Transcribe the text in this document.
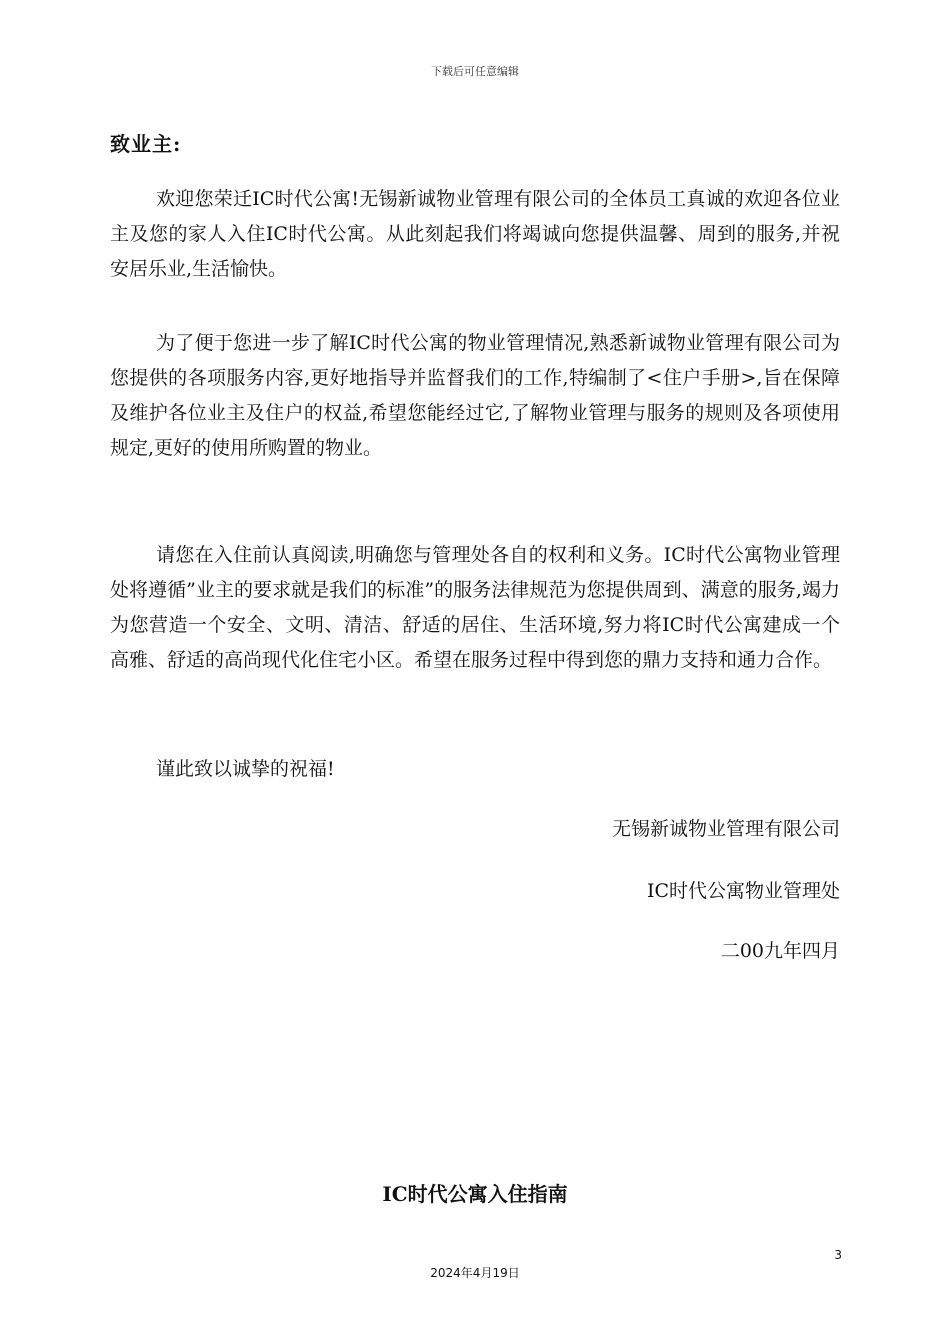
下载后可任意编辑
致业主:

欢迎您荣迁IC时代公寓!无锡新诚物业管理有限公司的全体员工真诚的欢迎各位业主及您的家人入住IC时代公寓。从此刻起我们将竭诚向您提供温馨、周到的服务,并祝安居乐业,生活愉快。

为了便于您进一步了解IC时代公寓的物业管理情况,熟悉新诚物业管理有限公司为您提供的各项服务内容,更好地指导并监督我们的工作,特编制了<住户手册>,旨在保障及维护各位业主及住户的权益,希望您能经过它,了解物业管理与服务的规则及各项使用规定,更好的使用所购置的物业。

请您在入住前认真阅读,明确您与管理处各自的权利和义务。IC时代公寓物业管理处将遵循”业主的要求就是我们的标准”的服务法律规范为您提供周到、满意的服务,竭力为您营造一个安全、文明、清洁、舒适的居住、生活环境,努力将IC时代公寓建成一个高雅、舒适的高尚现代化住宅小区。希望在服务过程中得到您的鼎力支持和通力合作。

谨此致以诚挚的祝福!

无锡新诚物业管理有限公司
IC时代公寓物业管理处
二00九年四月
IC时代公寓入住指南
3
2024年4月19日
